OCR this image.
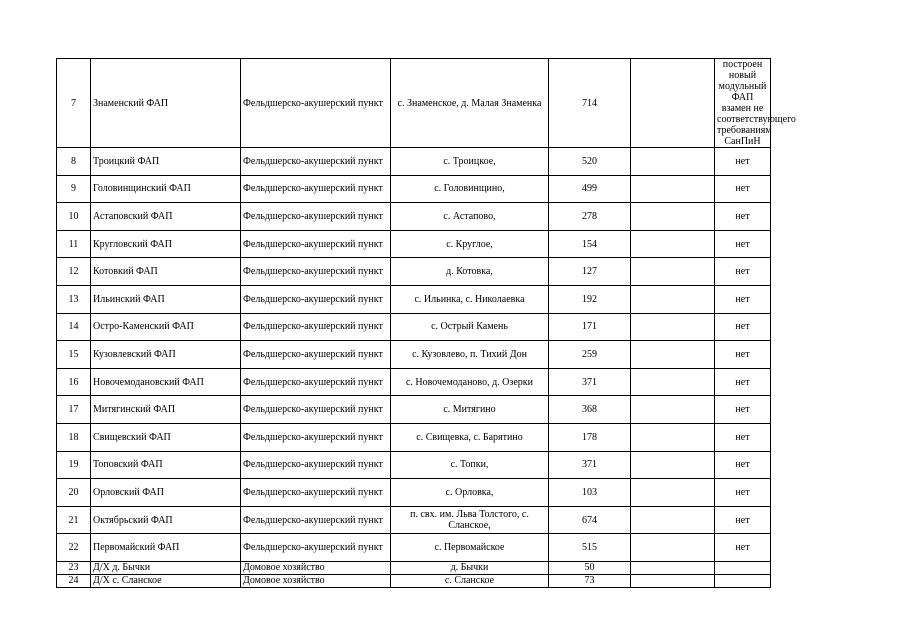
7	Знаменский ФАП	Фельдшерско-акушерский пункт	с. Знаменское, д. Малая Знаменка	714		построен новый модульный ФАП взамен не соответствующего требованиям СанПиН
8	Троицкий ФАП	Фельдшерско-акушерский пункт	с. Троицкое,	520		нет
9	Головинщинский ФАП	Фельдшерско-акушерский пункт	с. Головинщино,	499		нет
10	Астаповский ФАП	Фельдшерско-акушерский пункт	с. Астапово,	278		нет
11	Кругловский ФАП	Фельдшерско-акушерский пункт	с. Круглое,	154		нет
12	Котовкий ФАП	Фельдшерско-акушерский пункт	д. Котовка,	127		нет
13	Ильинский ФАП	Фельдшерско-акушерский пункт	с. Ильинка, с. Николаевка	192		нет
14	Остро-Каменский ФАП	Фельдшерско-акушерский пункт	с. Острый Камень	171		нет
15	Кузовлевский ФАП	Фельдшерско-акушерский пункт	с. Кузовлево, п. Тихий Дон	259		нет
16	Новочемодановский ФАП	Фельдшерско-акушерский пункт	с. Новочемоданово, д. Озерки	371		нет
17	Митягинский ФАП	Фельдшерско-акушерский пункт	с. Митягино	368		нет
18	Свищевский ФАП	Фельдшерско-акушерский пункт	с. Свищевка, с. Барятино	178		нет
19	Топовский ФАП	Фельдшерско-акушерский пункт	с. Топки,	371		нет
20	Орловский ФАП	Фельдшерско-акушерский пункт	с. Орловка,	103		нет
21	Октябрьский ФАП	Фельдшерско-акушерский пункт	п. свх. им. Льва Толстого, с. Сланское,	674		нет
22	Первомайский ФАП	Фельдшерско-акушерский пункт	с. Первомайское	515		нет
23	Д/Х д. Бычки	Домовое хозяйство	д. Бычки	50		
24	Д/Х с. Сланское	Домовое хозяйство	с. Сланское	73		
